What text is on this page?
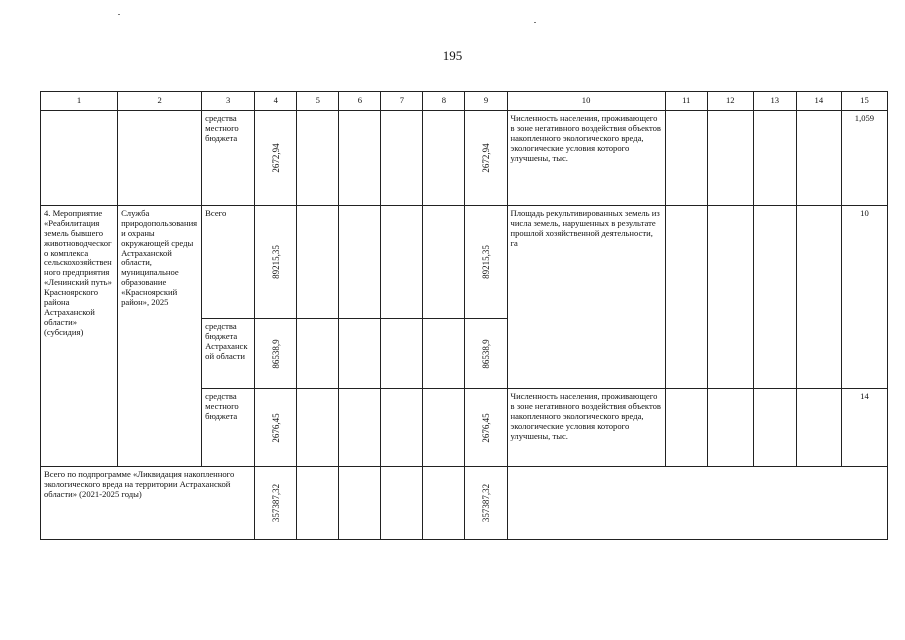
195
1	2	3	4	5	6	7	8	9	10	11	12	13	14	15
		средства местного бюджета	2672,94					2672,94	Численность населения, проживающего в зоне негативного воздействия объектов накопленного экологического вреда, экологические условия которого улучшены, тыс.					1,059
4. Мероприятие «Реабилитация земель бывшего животноводческого комплекса сельскохозяйственного предприятия «Ленинский путь» Красноярского района Астраханской области» (субсидия)	Служба природопользования и охраны окружающей среды Астраханской области, муниципальное образование «Красноярский район», 2025	Всего	89215,35					89215,35	Площадь рекультивированных земель из числа земель, нарушенных в результате прошлой хозяйственной деятельности, га					10
		средства бюджета Астраханской области	86538,9					86538,9						

		средства местного бюджета	2676,45					2676,45	Численность населения, проживающего в зоне негативного воздействия объектов накопленного экологического вреда, экологические условия которого улучшены, тыс.					14
Всего по подпрограмме «Ликвидация накопленного экологического вреда на территории Астраханской области» (2021-2025 годы)			357387,32					357387,32						
